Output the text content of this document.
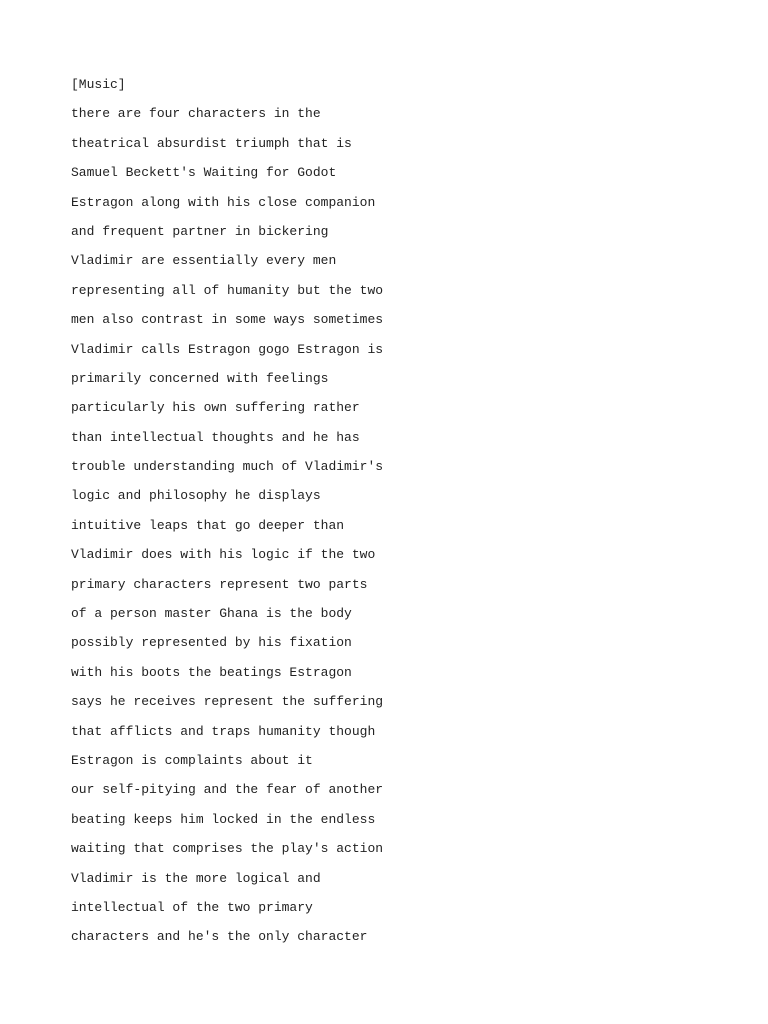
[Music]
there are four characters in the
theatrical absurdist triumph that is
Samuel Beckett's Waiting for Godot
Estragon along with his close companion
and frequent partner in bickering
Vladimir are essentially every men
representing all of humanity but the two
men also contrast in some ways sometimes
Vladimir calls Estragon gogo Estragon is
primarily concerned with feelings
particularly his own suffering rather
than intellectual thoughts and he has
trouble understanding much of Vladimir's
logic and philosophy he displays
intuitive leaps that go deeper than
Vladimir does with his logic if the two
primary characters represent two parts
of a person master Ghana is the body
possibly represented by his fixation
with his boots the beatings Estragon
says he receives represent the suffering
that afflicts and traps humanity though
Estragon is complaints about it
our self-pitying and the fear of another
beating keeps him locked in the endless
waiting that comprises the play's action
Vladimir is the more logical and
intellectual of the two primary
characters and he's the only character
